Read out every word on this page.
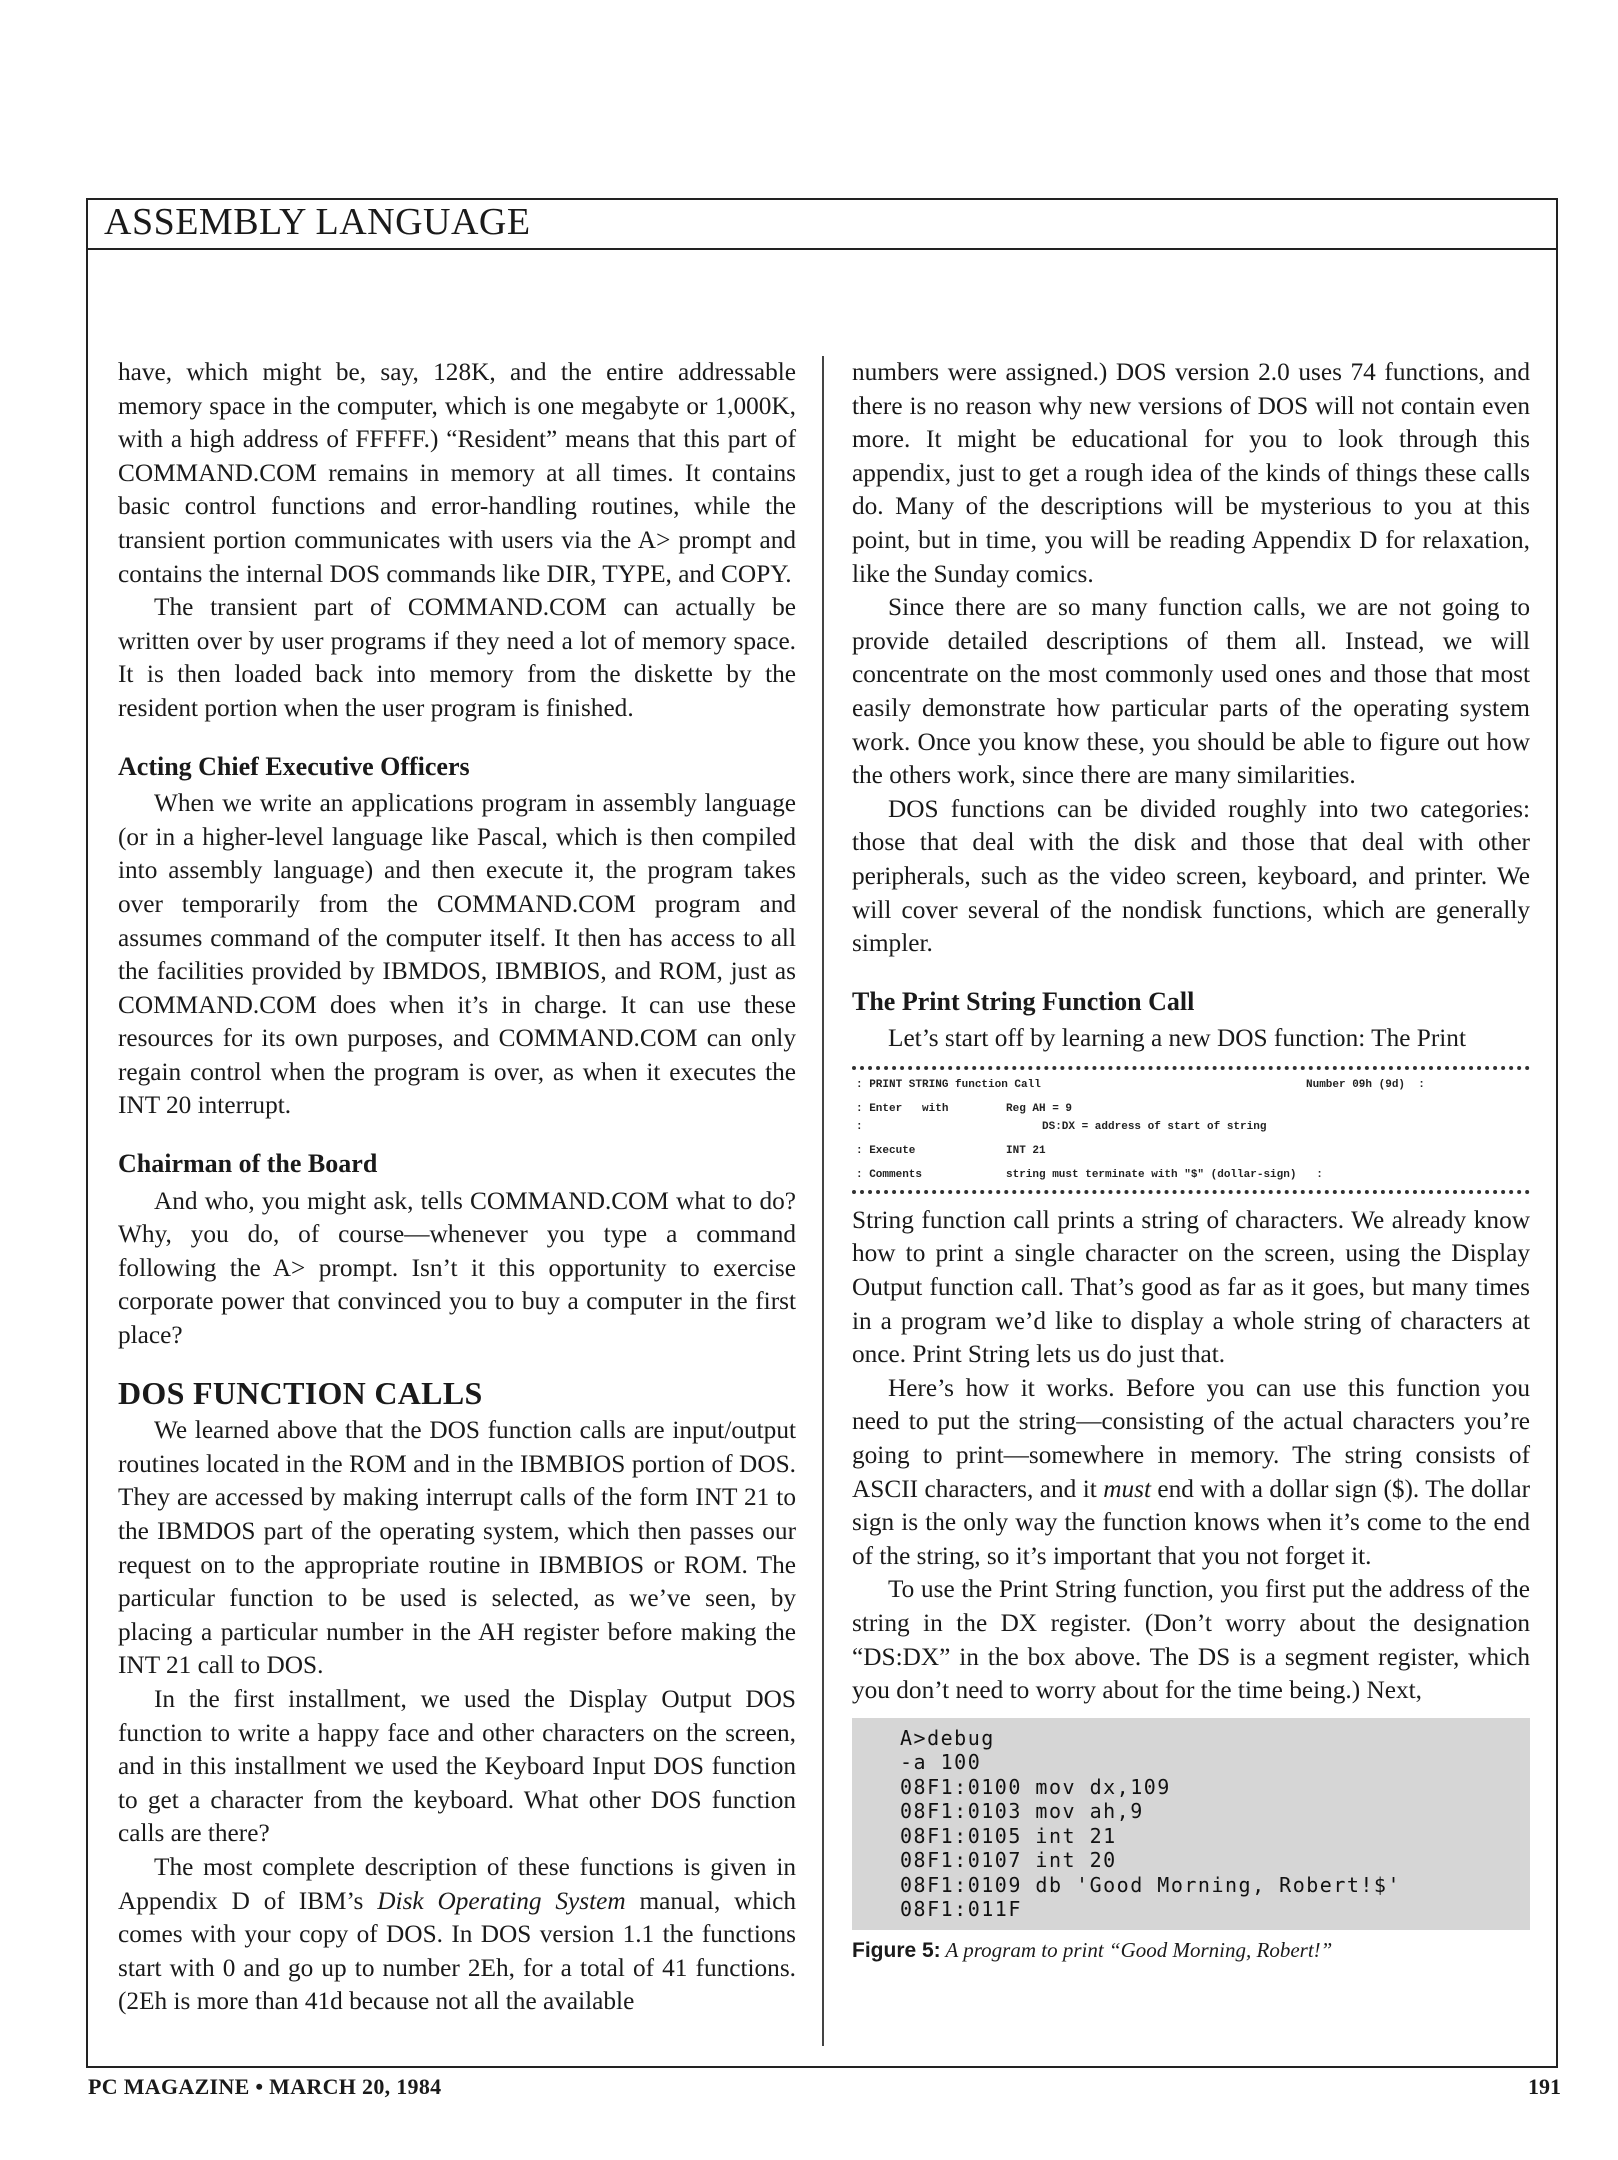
ASSEMBLY LANGUAGE

have, which might be, say, 128K, and the entire addressable memory space in the computer, which is one megabyte or 1,000K, with a high address of FFFFF.) “Resident” means that this part of COMMAND.COM remains in memory at all times. It contains basic control functions and error-handling routines, while the transient portion communicates with users via the A> prompt and contains the internal DOS commands like DIR, TYPE, and COPY.

The transient part of COMMAND.COM can actually be written over by user programs if they need a lot of memory space. It is then loaded back into memory from the diskette by the resident portion when the user program is finished.

Acting Chief Executive Officers

When we write an applications program in assembly language (or in a higher-level language like Pascal, which is then compiled into assembly language) and then execute it, the program takes over temporarily from the COMMAND.COM program and assumes command of the computer itself. It then has access to all the facilities provided by IBMDOS, IBMBIOS, and ROM, just as COMMAND.COM does when it’s in charge. It can use these resources for its own purposes, and COMMAND.COM can only regain control when the program is over, as when it executes the INT 20 interrupt.

Chairman of the Board

And who, you might ask, tells COMMAND.COM what to do? Why, you do, of course—whenever you type a command following the A> prompt. Isn’t it this opportunity to exercise corporate power that convinced you to buy a computer in the first place?

DOS FUNCTION CALLS

We learned above that the DOS function calls are input/output routines located in the ROM and in the IBMBIOS portion of DOS. They are accessed by making interrupt calls of the form INT 21 to the IBMDOS part of the operating system, which then passes our request on to the appropriate routine in IBMBIOS or ROM. The particular function to be used is selected, as we’ve seen, by placing a particular number in the AH register before making the INT 21 call to DOS.

In the first installment, we used the Display Output DOS function to write a happy face and other characters on the screen, and in this installment we used the Keyboard Input DOS function to get a character from the keyboard. What other DOS function calls are there?

The most complete description of these functions is given in Appendix D of IBM’s Disk Operating System manual, which comes with your copy of DOS. In DOS version 1.1 the functions start with 0 and go up to number 2Eh, for a total of 41 functions. (2Eh is more than 41d because not all the available

numbers were assigned.) DOS version 2.0 uses 74 functions, and there is no reason why new versions of DOS will not contain even more. It might be educational for you to look through this appendix, just to get a rough idea of the kinds of things these calls do. Many of the descriptions will be mysterious to you at this point, but in time, you will be reading Appendix D for relaxation, like the Sunday comics.

Since there are so many function calls, we are not going to provide detailed descriptions of them all. Instead, we will concentrate on the most commonly used ones and those that most easily demonstrate how particular parts of the operating system work. Once you know these, you should be able to figure out how the others work, since there are many similarities.

DOS functions can be divided roughly into two categories: those that deal with the disk and those that deal with other peripherals, such as the video screen, keyboard, and printer. We will cover several of the nondisk functions, which are generally simpler.

The Print String Function Call

Let’s start off by learning a new DOS function: The Print

: PRINT STRING function Call	Number 09h (9d)  :
: Enter   with	Reg AH = 9
:	DS:DX = address of start of string
: Execute	INT 21
: Comments	string must terminate with "$" (dollar-sign)   :

String function call prints a string of characters. We already know how to print a single character on the screen, using the Display Output function call. That’s good as far as it goes, but many times in a program we’d like to display a whole string of characters at once. Print String lets us do just that.

Here’s how it works. Before you can use this function you need to put the string—consisting of the actual characters you’re going to print—somewhere in memory. The string consists of ASCII characters, and it must end with a dollar sign ($). The dollar sign is the only way the function knows when it’s come to the end of the string, so it’s important that you not forget it.

To use the Print String function, you first put the address of the string in the DX register. (Don’t worry about the designation “DS:DX” in the box above. The DS is a segment register, which you don’t need to worry about for the time being.) Next,

A>debug
-a 100
08F1:0100 mov dx,109
08F1:0103 mov ah,9
08F1:0105 int 21
08F1:0107 int 20
08F1:0109 db 'Good Morning, Robert!$'
08F1:011F
Figure 5: A program to print “Good Morning, Robert!”
PC MAGAZINE • MARCH 20, 1984	191
